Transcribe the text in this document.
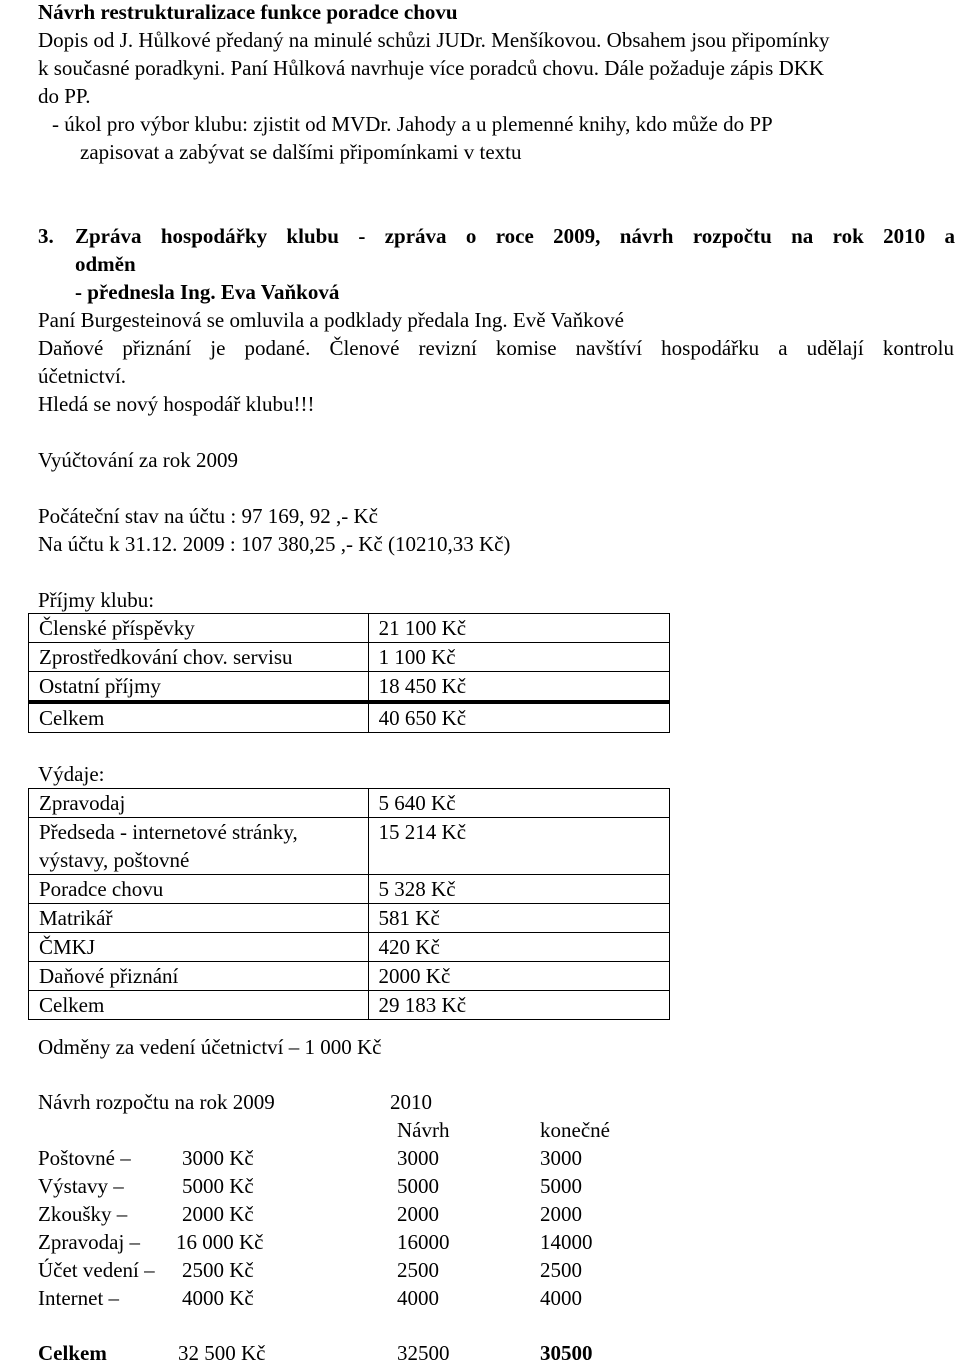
Návrh restrukturalizace funkce poradce chovu
Dopis od J. Hůlkové předaný na minulé schůzi JUDr. Menšíkovou. Obsahem jsou připomínky
k současné poradkyni. Paní Hůlková navrhuje více poradců chovu. Dále požaduje zápis DKK
do PP.
- úkol pro výbor klubu: zjistit od MVDr. Jahody a u plemenné knihy, kdo může do PP
zapisovat a zabývat se dalšími připomínkami v textu
3. Zpráva hospodářky klubu - zpráva o roce 2009, návrh rozpočtu na rok 2010 a
odměn
- přednesla Ing. Eva Vaňková
Paní Burgesteinová se omluvila a podklady předala Ing. Evě Vaňkové
Daňové přiznání je podané. Členové revizní komise navštíví hospodářku a udělají kontrolu
účetnictví.
Hledá se nový hospodář klubu!!!
Vyúčtování za rok 2009
Počáteční stav na účtu : 97 169, 92 ,- Kč
Na účtu k 31.12. 2009 : 107 380,25 ,- Kč (10210,33 Kč)
Příjmy klubu:
Členské příspěvky	21 100 Kč
Zprostředkování chov. servisu	1 100 Kč
Ostatní příjmy	18 450 Kč
Celkem	40 650 Kč
Výdaje:
Zpravodaj	5 640 Kč
Předseda - internetové stránky, výstavy, poštovné	15 214 Kč
Poradce chovu	5 328 Kč
Matrikář	581 Kč
ČMKJ	420 Kč
Daňové přiznání	2000 Kč
Celkem	29 183 Kč
Odměny za vedení účetnictví – 1 000 Kč
Návrh rozpočtu na rok 2009	2010
Návrh	konečné
Poštovné – 3000 Kč	3000	3000
Výstavy –	5000 Kč	5000	5000
Zkoušky –	2000 Kč	2000	2000
Zpravodaj – 16 000 Kč	16000	14000
Účet vedení – 2500 Kč	2500	2500
Internet –	4000 Kč	4000	4000
Celkem	32 500 Kč	32500	30500
